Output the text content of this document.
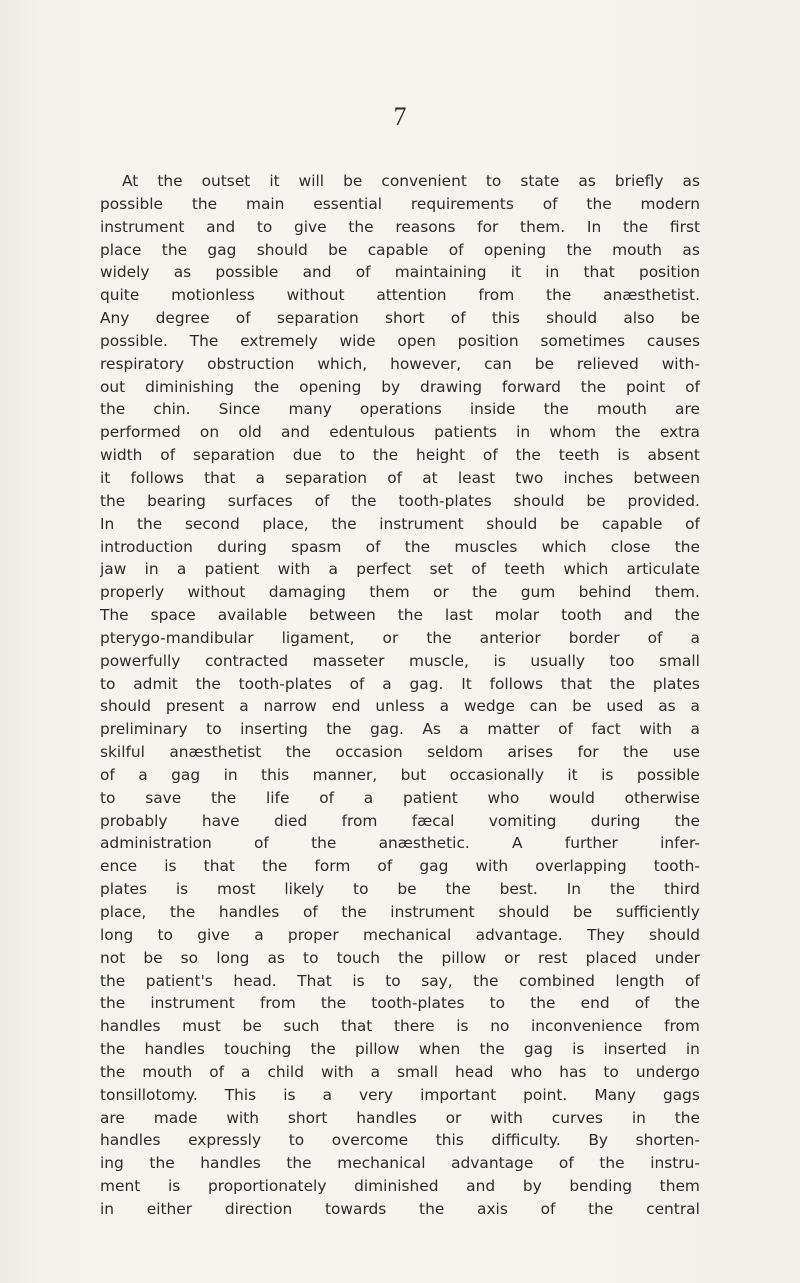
7
At the outset it will be convenient to state as briefly as
possible the main essential requirements of the modern
instrument and to give the reasons for them. In the first
place the gag should be capable of opening the mouth as
widely as possible and of maintaining it in that position
quite motionless without attention from the anæsthetist.
Any degree of separation short of this should also be
possible. The extremely wide open position sometimes causes
respiratory obstruction which, however, can be relieved with-
out diminishing the opening by drawing forward the point of
the chin. Since many operations inside the mouth are
performed on old and edentulous patients in whom the extra
width of separation due to the height of the teeth is absent
it follows that a separation of at least two inches between
the bearing surfaces of the tooth-plates should be provided.
In the second place, the instrument should be capable of
introduction during spasm of the muscles which close the
jaw in a patient with a perfect set of teeth which articulate
properly without damaging them or the gum behind them.
The space available between the last molar tooth and the
pterygo-mandibular ligament, or the anterior border of a
powerfully contracted masseter muscle, is usually too small
to admit the tooth-plates of a gag. It follows that the plates
should present a narrow end unless a wedge can be used as a
preliminary to inserting the gag. As a matter of fact with a
skilful anæsthetist the occasion seldom arises for the use
of a gag in this manner, but occasionally it is possible
to save the life of a patient who would otherwise
probably have died from fæcal vomiting during the
administration	of	the	anæsthetic.	A	further	infer-
ence is that the form of gag with overlapping tooth-
plates is most likely to be the best. In the third
place, the handles of the instrument should be sufficiently
long to give a proper mechanical advantage. They should
not be so long as to touch the pillow or rest placed under
the patient's head. That is to say, the combined length of
the instrument from the tooth-plates to the end of the
handles must be such that there is no inconvenience from
the handles touching the pillow when the gag is inserted in
the mouth of a child with a small head who has to undergo
tonsillotomy. This is a very important point. Many gags
are made with short handles or with curves in the
handles expressly to overcome this difficulty. By shorten-
ing the handles the mechanical advantage of the instru-
ment is proportionately diminished and by bending them
in either direction towards the axis of the central
